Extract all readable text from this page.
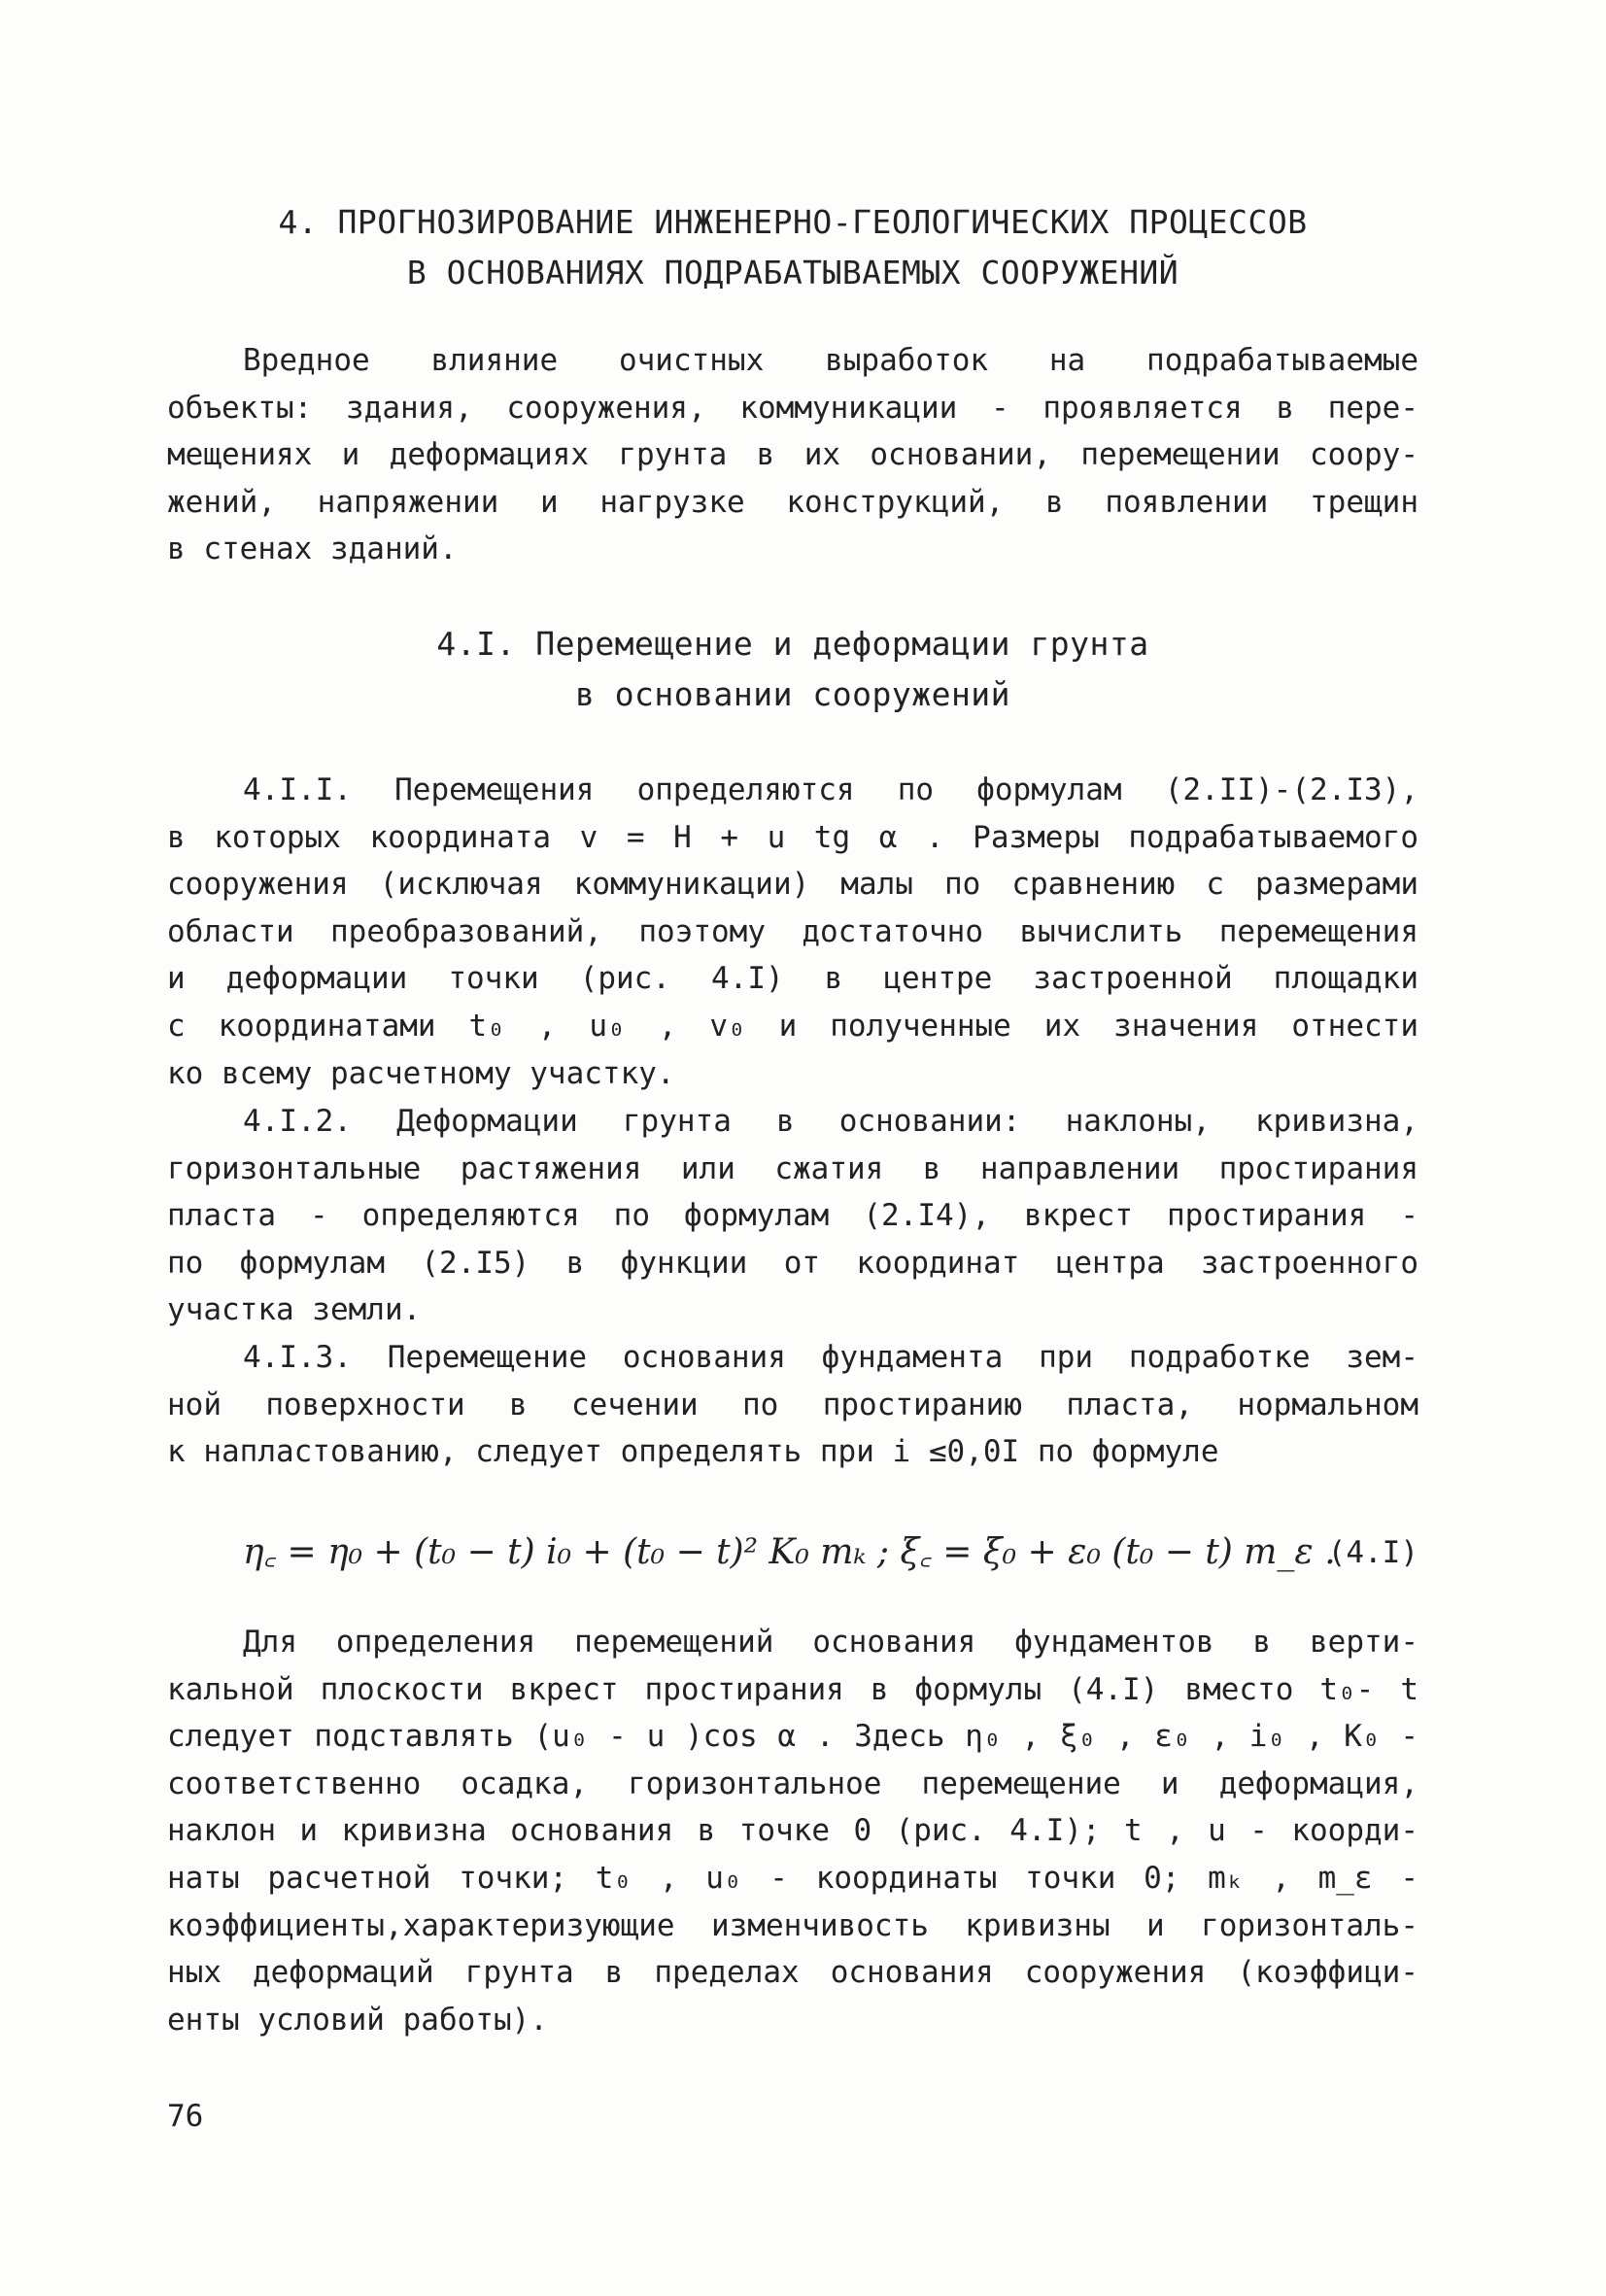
4. ПРОГНОЗИРОВАНИЕ ИНЖЕНЕРНО-ГЕОЛОГИЧЕСКИХ ПРОЦЕССОВ
В ОСНОВАНИЯХ ПОДРАБАТЫВАЕМЫХ СООРУЖЕНИЙ
Вредное влияние очистных выработок на подрабатываемые
объекты: здания, сооружения, коммуникации - проявляется в пере-
мещениях и деформациях грунта в их основании, перемещении соору-
жений, напряжении и нагрузке конструкций, в появлении трещин
в стенах зданий.
4.I. Перемещение и деформации грунта
в основании сооружений
4.I.I. Перемещения определяются по формулам (2.II)-(2.I3),
в которых координата v = H + u tg α . Размеры подрабатываемого
сооружения (исключая коммуникации) малы по сравнению с размерами
области преобразований, поэтому достаточно вычислить перемещения
и деформации точки (рис. 4.I) в центре застроенной площадки
с координатами t₀ , u₀ , v₀ и полученные их значения отнести
ко всему расчетному участку.
4.I.2. Деформации грунта в основании: наклоны, кривизна,
горизонтальные растяжения или сжатия в направлении простирания
пласта - определяются по формулам (2.I4), вкрест простирания -
по формулам (2.I5) в функции от координат центра застроенного
участка земли.
4.I.3. Перемещение основания фундамента при подработке зем-
ной поверхности в сечении по простиранию пласта, нормальном
к напластованию, следует определять при i ≤0,0I по формуле
η꜀ = η₀ + (t₀ − t) i₀ + (t₀ − t)² K₀ mₖ ; ξ꜀ = ξ₀ + ε₀ (t₀ − t) m_ε .
(4.I)
Для определения перемещений основания фундаментов в верти-
кальной плоскости вкрест простирания в формулы (4.I) вместо t₀- t
следует подставлять (u₀ - u )cos α . Здесь η₀ , ξ₀ , ε₀ , i₀ , K₀ -
соответственно осадка, горизонтальное перемещение и деформация,
наклон и кривизна основания в точке 0 (рис. 4.I); t , u - коорди-
наты расчетной точки; t₀ , u₀ - координаты точки 0; mₖ , m_ε -
коэффициенты,характеризующие изменчивость кривизны и горизонталь-
ных деформаций грунта в пределах основания сооружения (коэффици-
енты условий работы).
76
